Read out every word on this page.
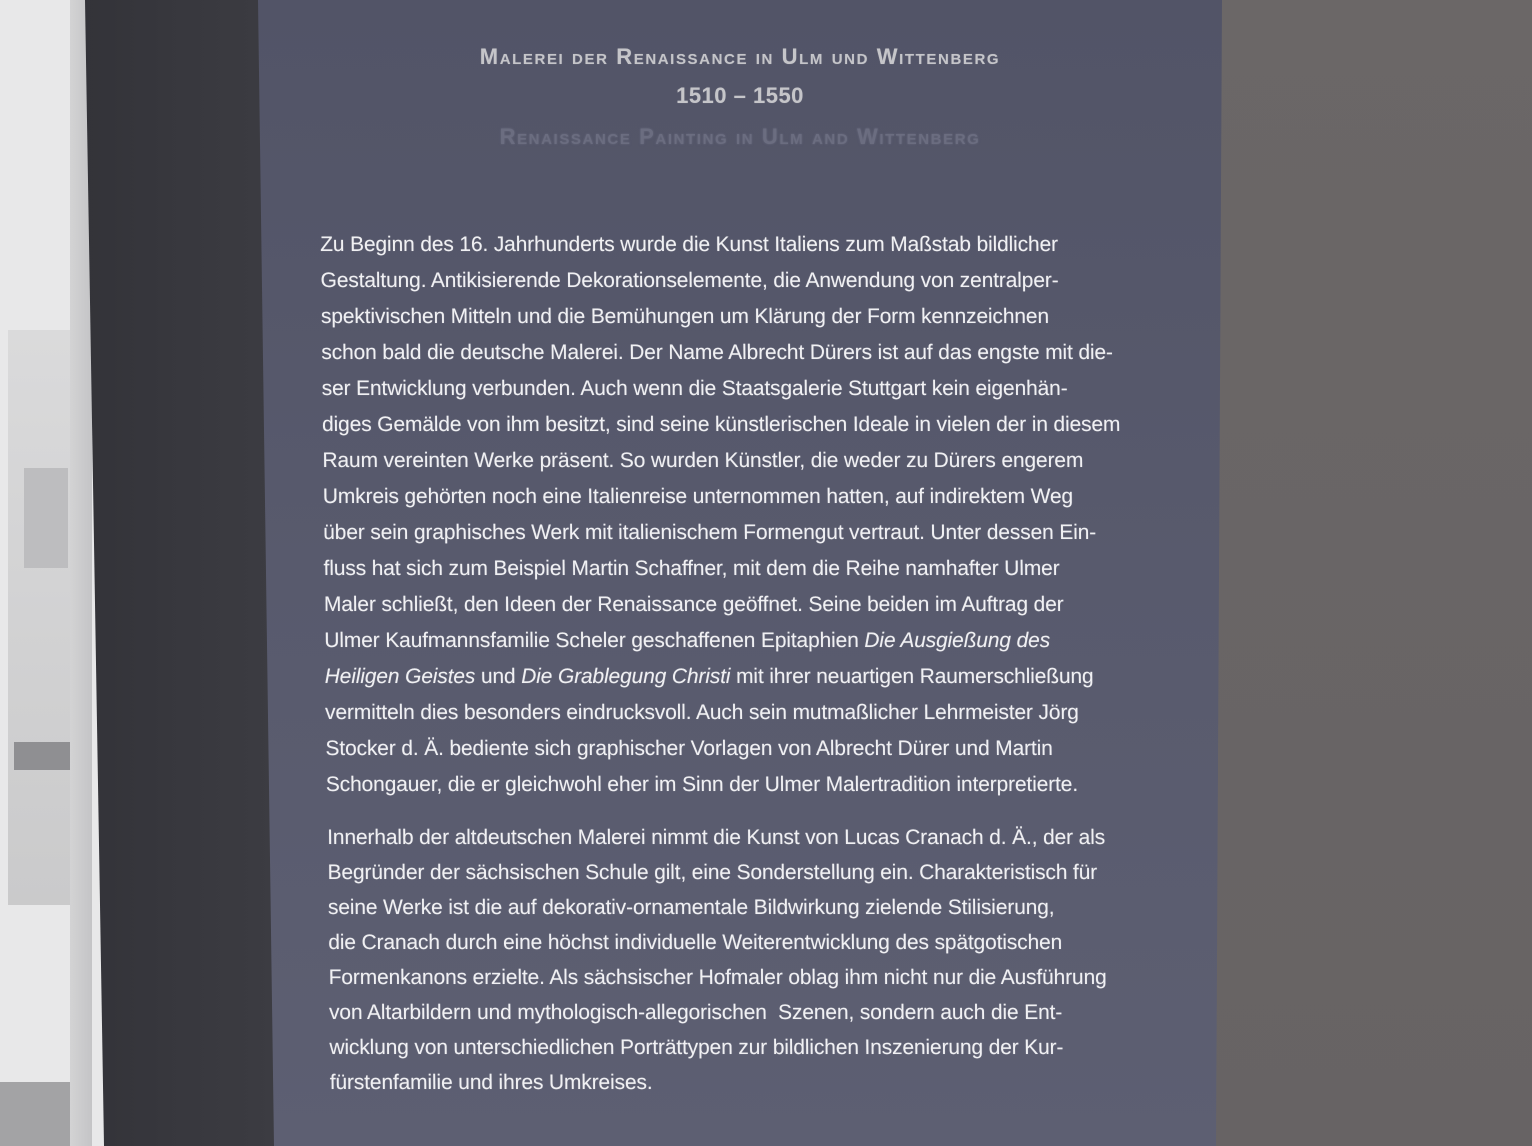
Malerei der Renaissance in Ulm und Wittenberg
1510 – 1550
Renaissance Painting in Ulm and Wittenberg
Zu Beginn des 16. Jahrhunderts wurde die Kunst Italiens zum Maßstab bildlicher
Gestaltung. Antikisierende Dekorationselemente, die Anwendung von zentralper-
spektivischen Mitteln und die Bemühungen um Klärung der Form kennzeichnen
schon bald die deutsche Malerei. Der Name Albrecht Dürers ist auf das engste mit die-
ser Entwicklung verbunden. Auch wenn die Staatsgalerie Stuttgart kein eigenhän-
diges Gemälde von ihm besitzt, sind seine künstlerischen Ideale in vielen der in diesem
Raum vereinten Werke präsent. So wurden Künstler, die weder zu Dürers engerem
Umkreis gehörten noch eine Italienreise unternommen hatten, auf indirektem Weg
über sein graphisches Werk mit italienischem Formengut vertraut. Unter dessen Ein-
fluss hat sich zum Beispiel Martin Schaffner, mit dem die Reihe namhafter Ulmer
Maler schließt, den Ideen der Renaissance geöffnet. Seine beiden im Auftrag der
Ulmer Kaufmannsfamilie Scheler geschaffenen Epitaphien Die Ausgießung des
Heiligen Geistes und Die Grablegung Christi mit ihrer neuartigen Raumerschließung
vermitteln dies besonders eindrucksvoll. Auch sein mutmaßlicher Lehrmeister Jörg
Stocker d. Ä. bediente sich graphischer Vorlagen von Albrecht Dürer und Martin
Schongauer, die er gleichwohl eher im Sinn der Ulmer Malertradition interpretierte.
Innerhalb der altdeutschen Malerei nimmt die Kunst von Lucas Cranach d. Ä., der als
Begründer der sächsischen Schule gilt, eine Sonderstellung ein. Charakteristisch für
seine Werke ist die auf dekorativ-ornamentale Bildwirkung zielende Stilisierung,
die Cranach durch eine höchst individuelle Weiterentwicklung des spätgotischen
Formenkanons erzielte. Als sächsischer Hofmaler oblag ihm nicht nur die Ausführung
von Altarbildern und mythologisch-allegorischen  Szenen, sondern auch die Ent-
wicklung von unterschiedlichen Porträttypen zur bildlichen Inszenierung der Kur-
fürstenfamilie und ihres Umkreises.
